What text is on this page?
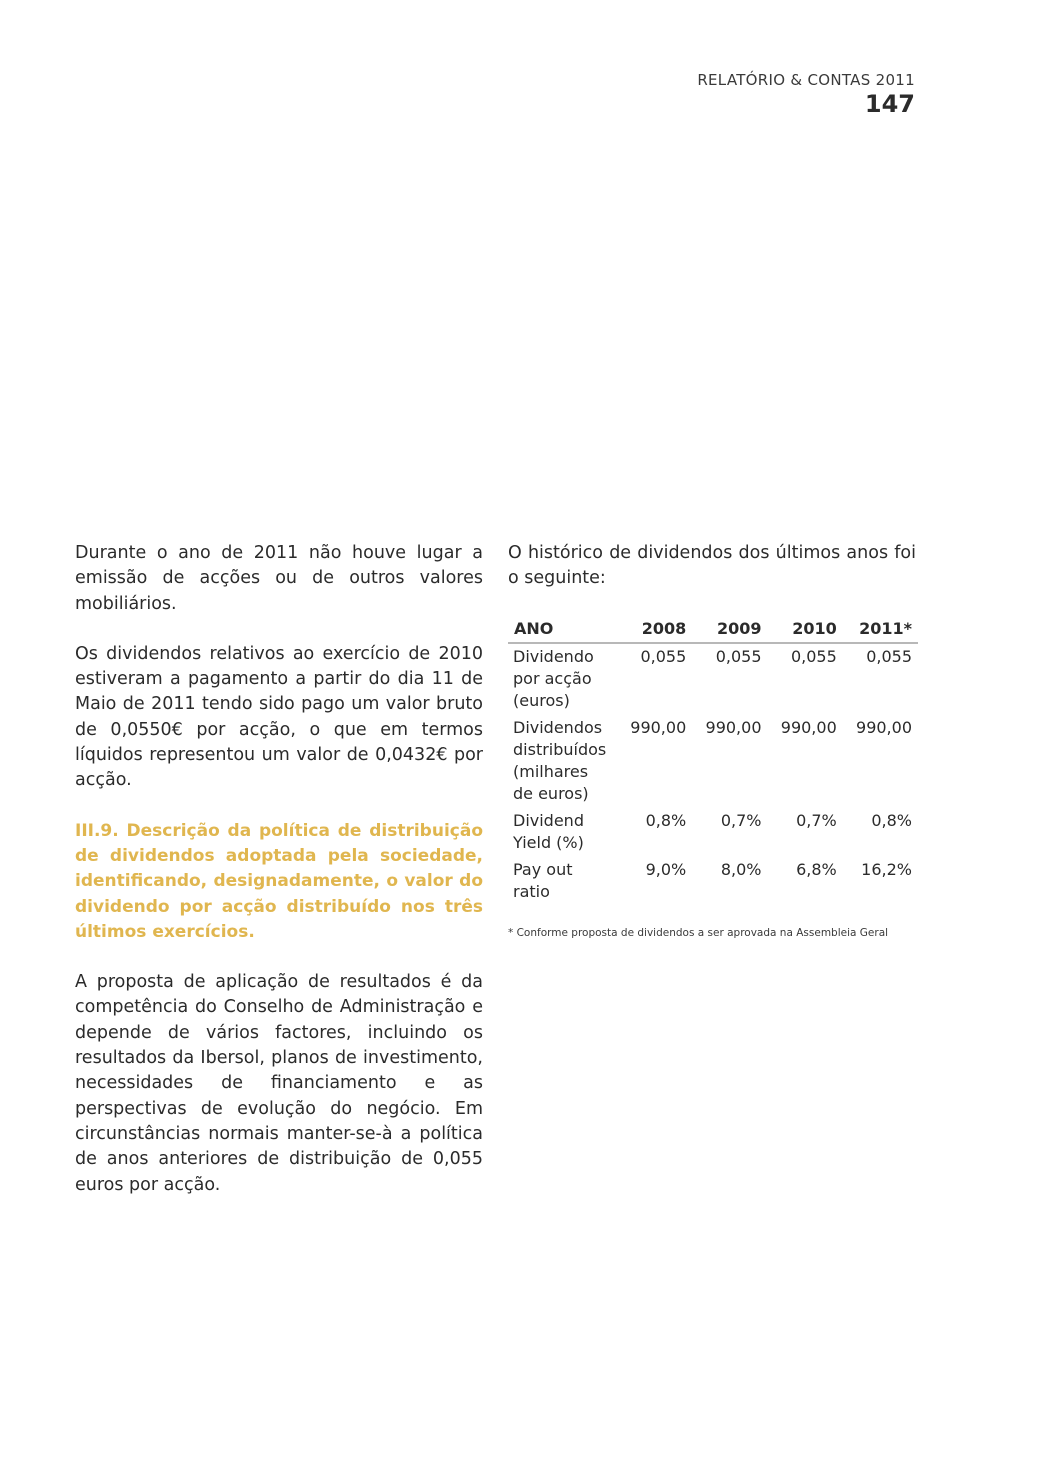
RELATÓRIO & CONTAS 2011
147

Durante o ano de 2011 não houve lugar a emissão de acções ou de outros valores mobiliários.

Os dividendos relativos ao exercício de 2010 estiveram a pagamento a partir do dia 11 de Maio de 2011 tendo sido pago um valor bruto de 0,0550€ por acção, o que em termos líquidos representou um valor de 0,0432€ por acção.

III.9. Descrição da política de distribuição de dividendos adoptada pela sociedade, identificando, designadamente, o valor do dividendo por acção distribuído nos três últimos exercícios.

A proposta de aplicação de resultados é da competência do Conselho de Administração e depende de vários factores, incluindo os resultados da Ibersol, planos de investimento, necessidades de financiamento e as perspectivas de evolução do negócio. Em circunstâncias normais manter-se-à a política de anos anteriores de distribuição de 0,055 euros por acção.

O histórico de dividendos dos últimos anos foi o seguinte:

ANO	2008	2009	2010	2011*
Dividendo por acção (euros)	0,055	0,055	0,055	0,055
Dividendos distribuídos (milhares de euros)	990,00	990,00	990,00	990,00
Dividend Yield (%)	0,8%	0,7%	0,7%	0,8%
Pay out ratio	9,0%	8,0%	6,8%	16,2%
* Conforme proposta de dividendos a ser aprovada na Assembleia Geral
